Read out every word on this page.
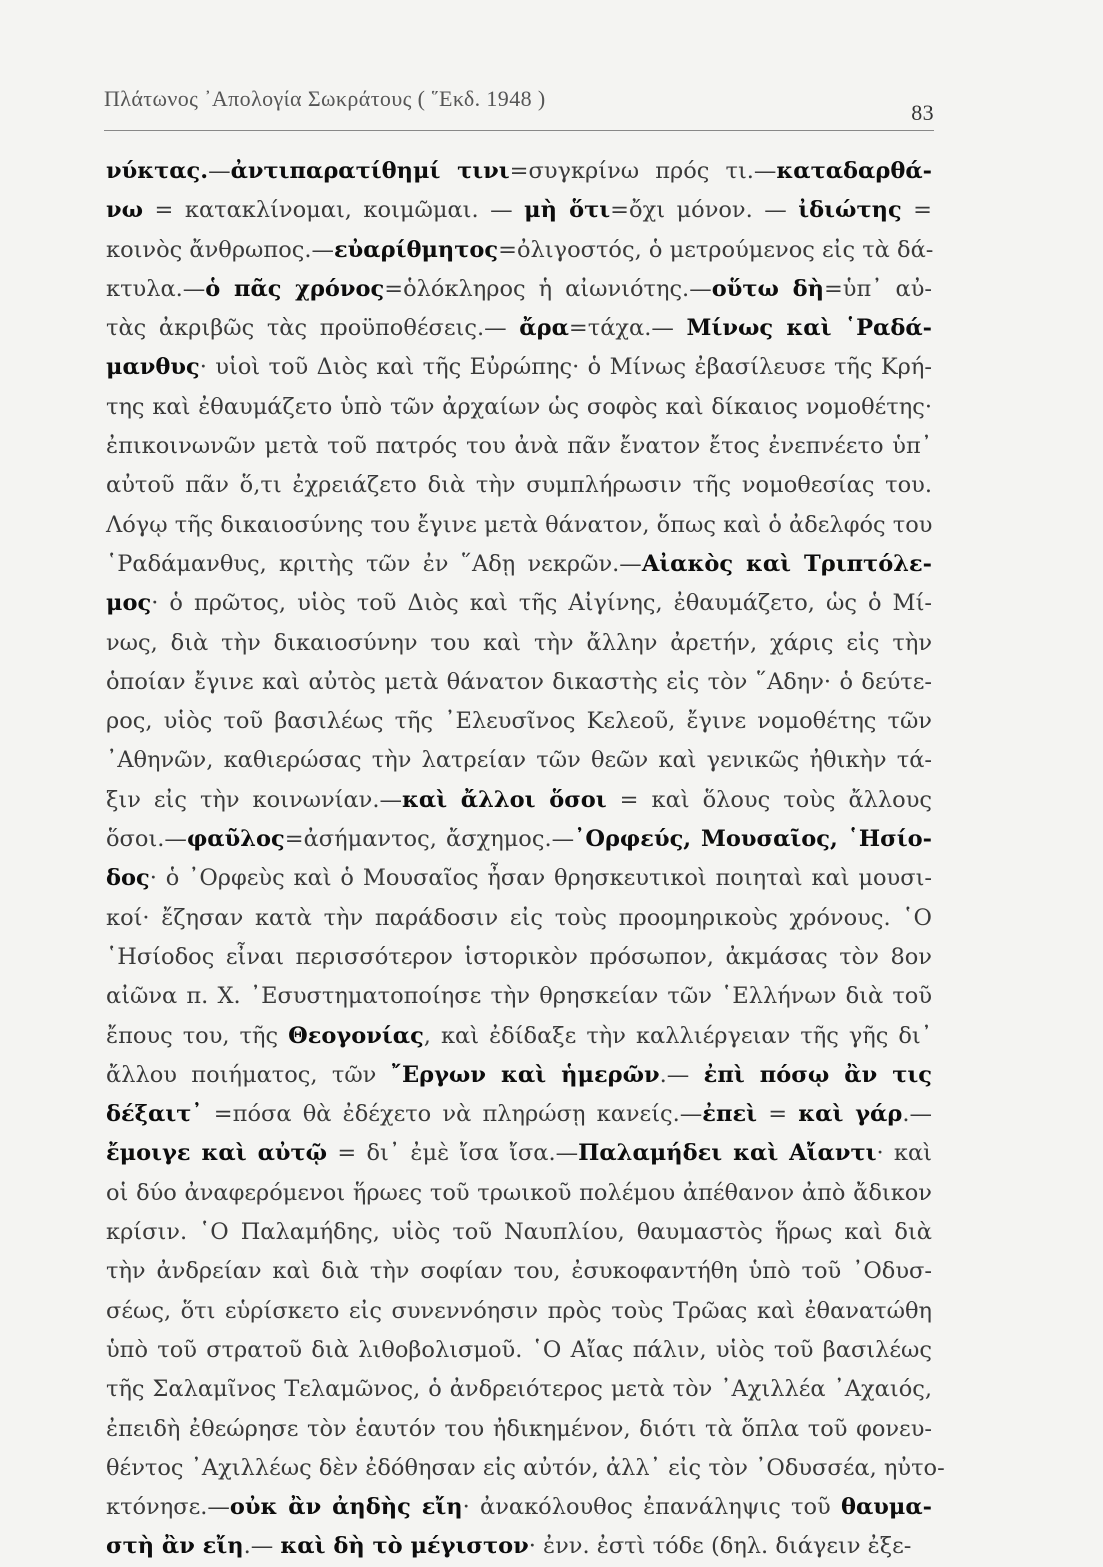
Πλάτωνος ᾿Απολογία Σωκράτους ( ῞Εκδ. 1948 )
83
νύκτας.—ἀντιπαρατίθημί τινι=συγκρίνω πρός τι.—καταδαρθά-
νω = κατακλίνομαι, κοιμῶμαι. — μὴ ὅτι=ὄχι μόνον. — ἰδιώτης =
κοινὸς ἄνθρωπος.—εὐαρίθμητος=ὀλιγοστός, ὁ μετρούμενος εἰς τὰ δά-
κτυλα.—ὁ πᾶς χρόνος=ὁλόκληρος ἡ αἰωνιότης.—οὕτω δὴ=ὑπ᾽ αὐ-
τὰς ἀκριβῶς τὰς προϋποθέσεις.— ἄρα=τάχα.— Μίνως καὶ ῾Ραδά-
μανθυς· υἱοὶ τοῦ Διὸς καὶ τῆς Εὐρώπης· ὁ Μίνως ἐβασίλευσε τῆς Κρή-
της καὶ ἐθαυμάζετο ὑπὸ τῶν ἀρχαίων ὡς σοφὸς καὶ δίκαιος νομοθέτης·
ἐπικοινωνῶν μετὰ τοῦ πατρός του ἀνὰ πᾶν ἔνατον ἔτος ἐνεπνέετο ὑπ᾽
αὐτοῦ πᾶν ὅ,τι ἐχρειάζετο διὰ τὴν συμπλήρωσιν τῆς νομοθεσίας του.
Λόγῳ τῆς δικαιοσύνης του ἔγινε μετὰ θάνατον, ὅπως καὶ ὁ ἀδελφός του
῾Ραδάμανθυς, κριτὴς τῶν ἐν ῞Αδῃ νεκρῶν.—Αἰακὸς καὶ Τριπτόλε-
μος· ὁ πρῶτος, υἱὸς τοῦ Διὸς καὶ τῆς Αἰγίνης, ἐθαυμάζετο, ὡς ὁ Μί-
νως, διὰ τὴν δικαιοσύνην του καὶ τὴν ἄλλην ἀρετήν, χάρις εἰς τὴν
ὁποίαν ἔγινε καὶ αὐτὸς μετὰ θάνατον δικαστὴς εἰς τὸν ῞Αδην· ὁ δεύτε-
ρος, υἱὸς τοῦ βασιλέως τῆς ᾿Ελευσῖνος Κελεοῦ, ἔγινε νομοθέτης τῶν
᾿Αθηνῶν, καθιερώσας τὴν λατρείαν τῶν θεῶν καὶ γενικῶς ἠθικὴν τά-
ξιν εἰς τὴν κοινωνίαν.—καὶ ἄλλοι ὅσοι = καὶ ὅλους τοὺς ἄλλους
ὅσοι.—φαῦλος=ἀσήμαντος, ἄσχημος.—᾿Ορφεύς, Μουσαῖος, ῾Ησίο-
δος· ὁ ᾿Ορφεὺς καὶ ὁ Μουσαῖος ἦσαν θρησκευτικοὶ ποιηταὶ καὶ μουσι-
κοί· ἔζησαν κατὰ τὴν παράδοσιν εἰς τοὺς προομηρικοὺς χρόνους. ῾Ο
῾Ησίοδος εἶναι περισσότερον ἱστορικὸν πρόσωπον, ἀκμάσας τὸν 8ον
αἰῶνα π. Χ. ᾿Εσυστηματοποίησε τὴν θρησκείαν τῶν ῾Ελλήνων διὰ τοῦ
ἔπους του, τῆς Θεογονίας, καὶ ἐδίδαξε τὴν καλλιέργειαν τῆς γῆς δι᾽
ἄλλου ποιήματος, τῶν ῎Εργων καὶ ἡμερῶν.— ἐπὶ πόσῳ ἂν τις
δέξαιτ᾽ =πόσα θὰ ἐδέχετο νὰ πληρώσῃ κανείς.—ἐπεὶ = καὶ γάρ.—
ἔμοιγε καὶ αὐτῷ = δι᾽ ἐμὲ ἴσα ἴσα.—Παλαμήδει καὶ Αἴαντι· καὶ
οἱ δύο ἀναφερόμενοι ἥρωες τοῦ τρωικοῦ πολέμου ἀπέθανον ἀπὸ ἄδικον
κρίσιν. ῾Ο Παλαμήδης, υἱὸς τοῦ Ναυπλίου, θαυμαστὸς ἥρως καὶ διὰ
τὴν ἀνδρείαν καὶ διὰ τὴν σοφίαν του, ἐσυκοφαντήθη ὑπὸ τοῦ ᾿Οδυσ-
σέως, ὅτι εὑρίσκετο εἰς συνεννόησιν πρὸς τοὺς Τρῶας καὶ ἐθανατώθη
ὑπὸ τοῦ στρατοῦ διὰ λιθοβολισμοῦ. ῾Ο Αἴας πάλιν, υἱὸς τοῦ βασιλέως
τῆς Σαλαμῖνος Τελαμῶνος, ὁ ἀνδρειότερος μετὰ τὸν ᾿Αχιλλέα ᾿Αχαιός,
ἐπειδὴ ἐθεώρησε τὸν ἑαυτόν του ἠδικημένον, διότι τὰ ὅπλα τοῦ φονευ-
θέντος ᾿Αχιλλέως δὲν ἐδόθησαν εἰς αὐτόν, ἀλλ᾽ εἰς τὸν ᾿Οδυσσέα, ηὐτο-
κτόνησε.—οὐκ ἂν ἀηδὴς εἴη· ἀνακόλουθος ἐπανάληψις τοῦ θαυμα-
στὴ ἂν εἴη.— καὶ δὴ τὸ μέγιστον· ἐνν. ἐστὶ τόδε (δηλ. διάγειν ἐξε-
